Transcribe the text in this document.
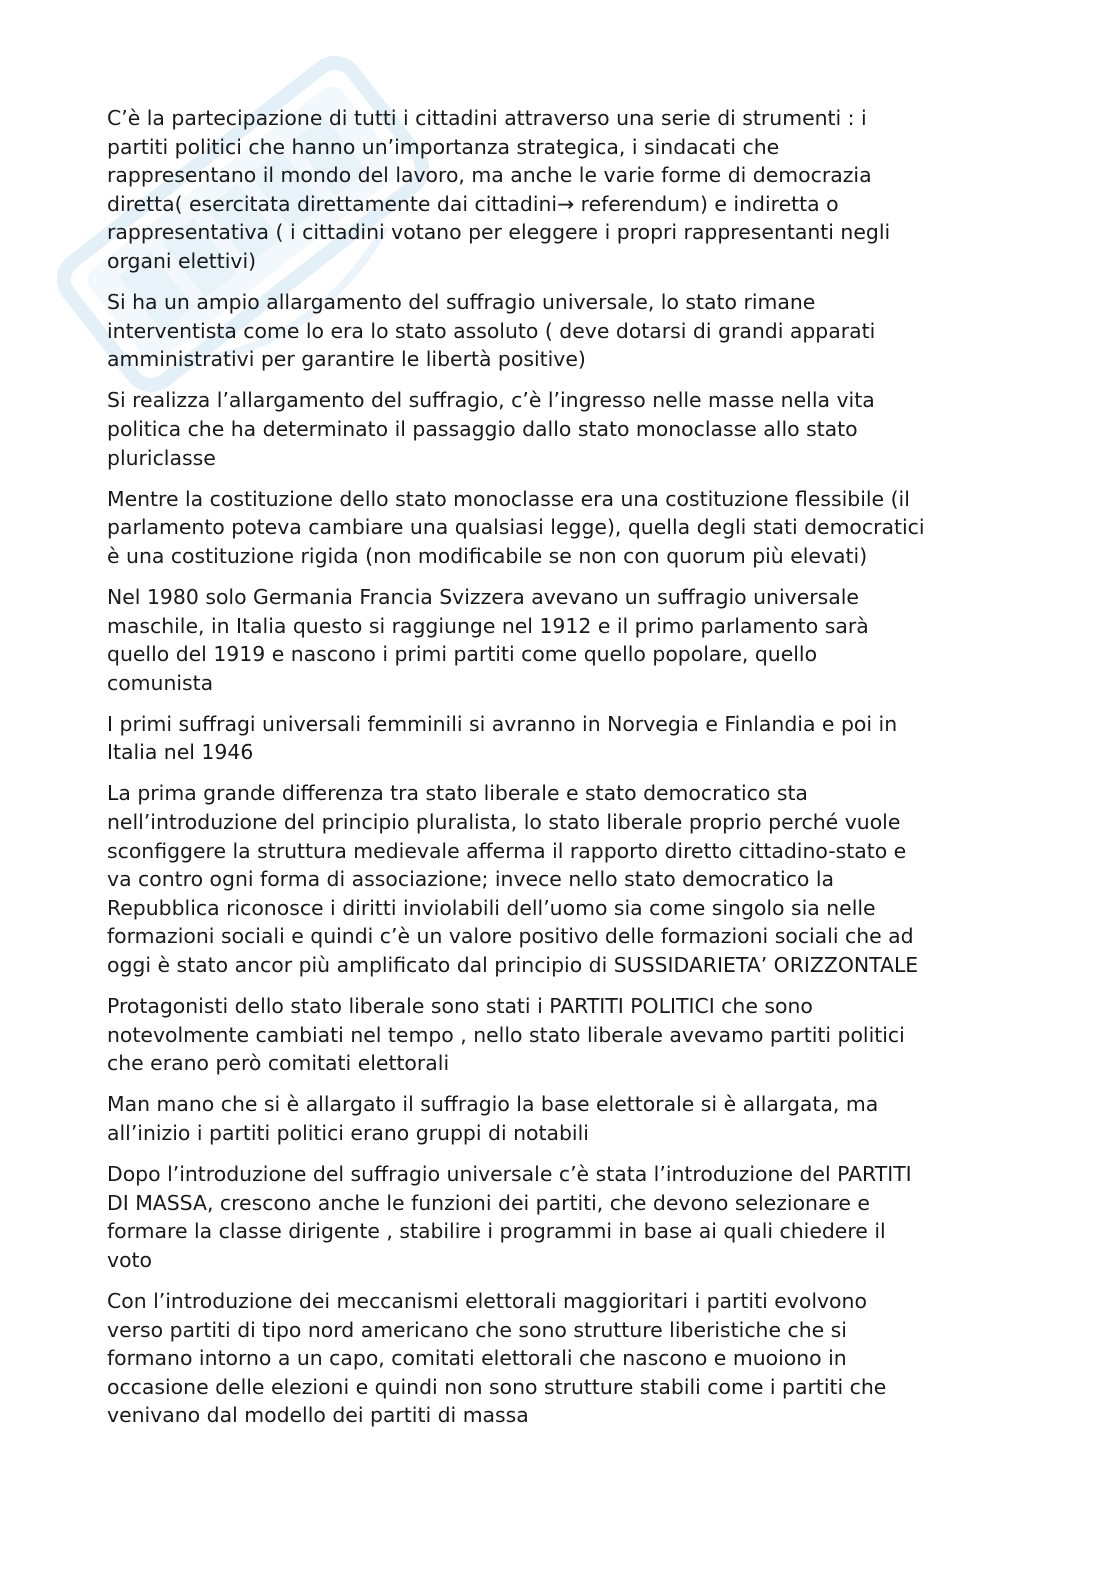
C’è la partecipazione di tutti i cittadini attraverso una serie di strumenti : i
partiti politici che hanno un’importanza strategica, i sindacati che
rappresentano il mondo del lavoro, ma anche le varie forme di democrazia
diretta( esercitata direttamente dai cittadini→ referendum) e indiretta o
rappresentativa ( i cittadini votano per eleggere i propri rappresentanti negli
organi elettivi)

Si ha un ampio allargamento del suffragio universale, lo stato rimane
interventista come lo era lo stato assoluto ( deve dotarsi di grandi apparati
amministrativi per garantire le libertà positive)

Si realizza l’allargamento del suffragio, c’è l’ingresso nelle masse nella vita
politica che ha determinato il passaggio dallo stato monoclasse allo stato
pluriclasse

Mentre la costituzione dello stato monoclasse era una costituzione flessibile (il
parlamento poteva cambiare una qualsiasi legge), quella degli stati democratici
è una costituzione rigida (non modificabile se non con quorum più elevati)

Nel 1980 solo Germania Francia Svizzera avevano un suffragio universale
maschile, in Italia questo si raggiunge nel 1912 e il primo parlamento sarà
quello del 1919 e nascono i primi partiti come quello popolare, quello
comunista

I primi suffragi universali femminili si avranno in Norvegia e Finlandia e poi in
Italia nel 1946

La prima grande differenza tra stato liberale e stato democratico sta
nell’introduzione del principio pluralista, lo stato liberale proprio perché vuole
sconfiggere la struttura medievale afferma il rapporto diretto cittadino-stato e
va contro ogni forma di associazione; invece nello stato democratico la
Repubblica riconosce i diritti inviolabili dell’uomo sia come singolo sia nelle
formazioni sociali e quindi c’è un valore positivo delle formazioni sociali che ad
oggi è stato ancor più amplificato dal principio di SUSSIDARIETA’ ORIZZONTALE

Protagonisti dello stato liberale sono stati i PARTITI POLITICI che sono
notevolmente cambiati nel tempo , nello stato liberale avevamo partiti politici
che erano però comitati elettorali

Man mano che si è allargato il suffragio la base elettorale si è allargata, ma
all’inizio i partiti politici erano gruppi di notabili

Dopo l’introduzione del suffragio universale c’è stata l’introduzione del PARTITI
DI MASSA, crescono anche le funzioni dei partiti, che devono selezionare e
formare la classe dirigente , stabilire i programmi in base ai quali chiedere il
voto

Con l’introduzione dei meccanismi elettorali maggioritari i partiti evolvono
verso partiti di tipo nord americano che sono strutture liberistiche che si
formano intorno a un capo, comitati elettorali che nascono e muoiono in
occasione delle elezioni e quindi non sono strutture stabili come i partiti che
venivano dal modello dei partiti di massa
